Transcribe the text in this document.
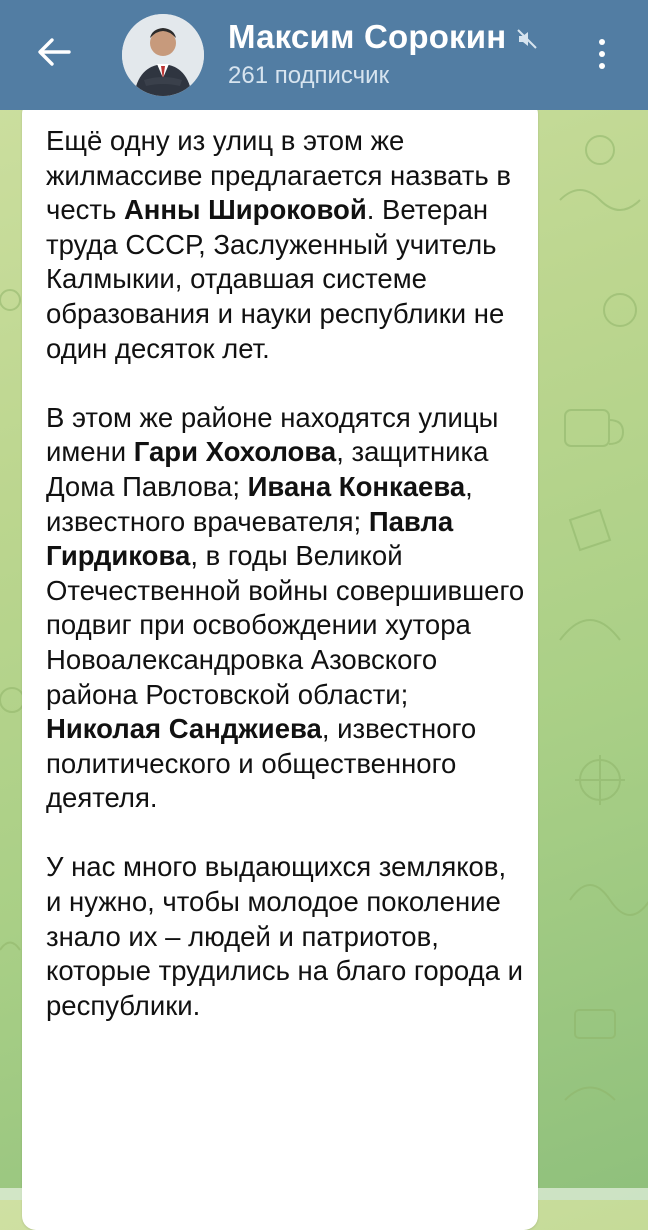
Максим Сорокин
261 подписчик

Ещё одну из улиц в этом же жилмассиве предлагается назвать в честь Анны Широковой. Ветеран труда СССР, Заслуженный учитель Калмыкии, отдавшая системе образования и науки республики не один десяток лет.

В этом же районе находятся улицы имени Гари Хохолова, защитника Дома Павлова; Ивана Конкаева, известного врачевателя; Павла Гирдикова, в годы Великой Отечественной войны совершившего подвиг при освобождении хутора Новоалександровка Азовского района Ростовской области; Николая Санджиева, известного политического и общественного деятеля.

У нас много выдающихся земляков, и нужно, чтобы молодое поколение знало их – людей и патриотов, которые трудились на благо города и республики.
